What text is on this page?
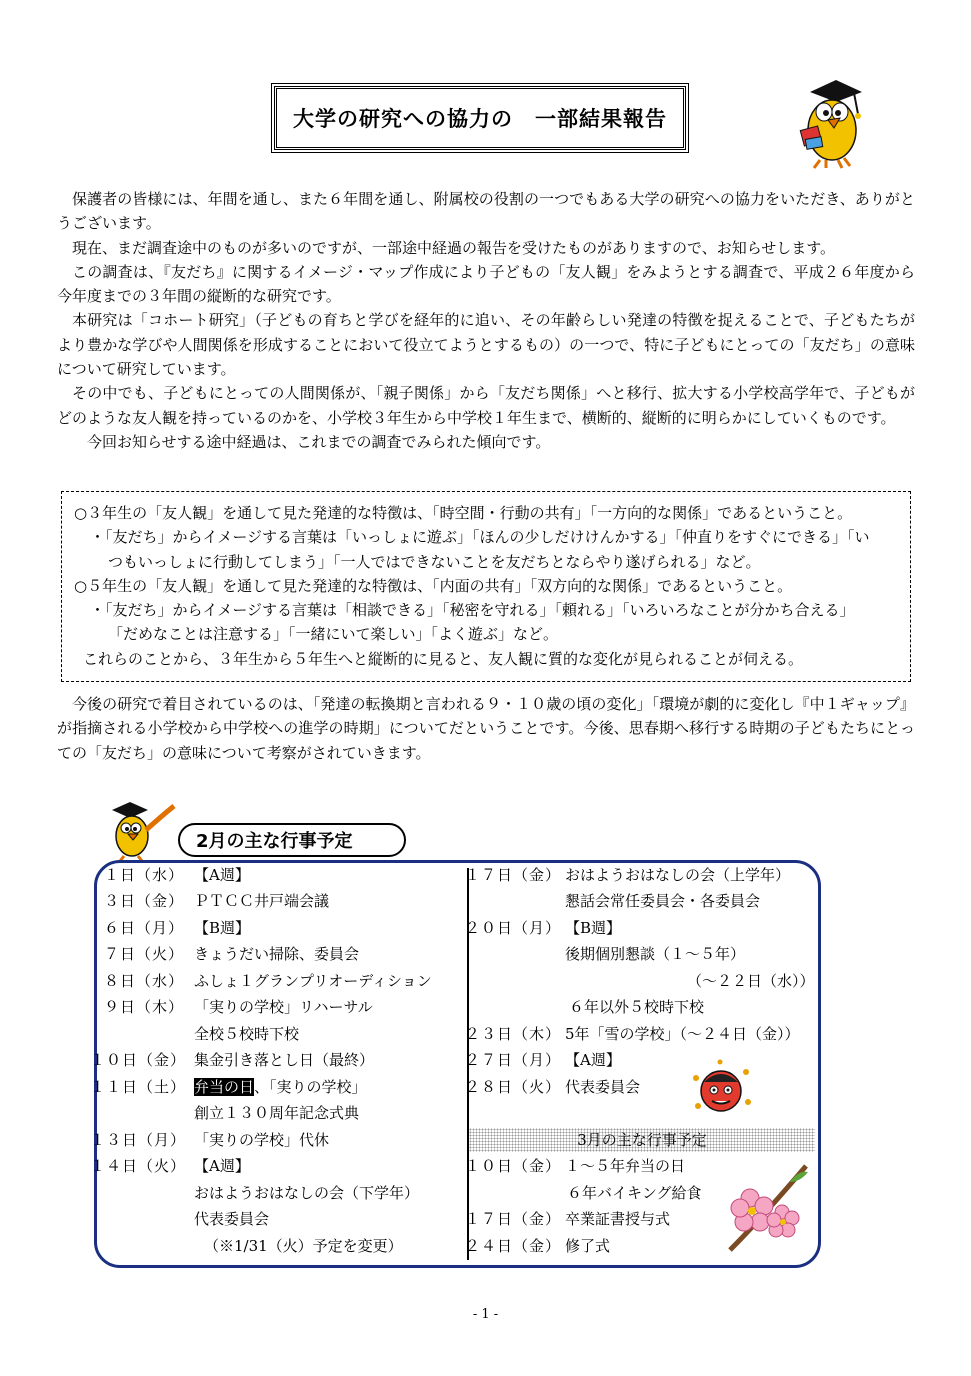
大学の研究への協力の　一部結果報告

保護者の皆様には、年間を通し、また６年間を通し、附属校の役割の一つでもある大学の研究への協力をいただき、ありがとうございます。

現在、まだ調査途中のものが多いのですが、一部途中経過の報告を受けたものがありますので、お知らせします。

この調査は、『友だち』に関するイメージ・マップ作成により子どもの「友人観」をみようとする調査で、平成２６年度から今年度までの３年間の縦断的な研究です。

本研究は「コホート研究」（子どもの育ちと学びを経年的に追い、その年齢らしい発達の特徴を捉えることで、子どもたちがより豊かな学びや人間関係を形成することにおいて役立てようとするもの）の一つで、特に子どもにとっての「友だち」の意味について研究しています。

その中でも、子どもにとっての人間関係が、「親子関係」から「友だち関係」へと移行、拡大する小学校高学年で、子どもがどのような友人観を持っているのかを、小学校３年生から中学校１年生まで、横断的、縦断的に明らかにしていくものです。

今回お知らせする途中経過は、これまでの調査でみられた傾向です。

○３年生の「友人観」を通して見た発達的な特徴は、「時空間・行動の共有」「一方向的な関係」であるということ。
・「友だち」からイメージする言葉は「いっしょに遊ぶ」「ほんの少しだけけんかする」「仲直りをすぐにできる」「い
つもいっしょに行動してしまう」「一人ではできないことを友だちとならやり遂げられる」など。
○５年生の「友人観」を通して見た発達的な特徴は、「内面の共有」「双方向的な関係」であるということ。
・「友だち」からイメージする言葉は「相談できる」「秘密を守れる」「頼れる」「いろいろなことが分かち合える」
「だめなことは注意する」「一緒にいて楽しい」「よく遊ぶ」など。
これらのことから、３年生から５年生へと縦断的に見ると、友人観に質的な変化が見られることが伺える。

今後の研究で着目されているのは、「発達の転換期と言われる９・１０歳の頃の変化」「環境が劇的に変化し『中１ギャップ』が指摘される小学校から中学校への進学の時期」についてだということです。今後、思春期へ移行する時期の子どもたちにとっての「友だち」の意味について考察がされていきます。

2月の主な行事予定
１日（水） 【A週】
３日（金） ＰＴＣＣ井戸端会議
６日（月） 【B週】
７日（火） きょうだい掃除、委員会
８日（水） ふしょ１グランプリオーディション
９日（木） 「実りの学校」リハーサル
全校５校時下校
１０日（金） 集金引き落とし日（最終）
１１日（土） 弁当の日、「実りの学校」
創立１３０周年記念式典
１３日（月） 「実りの学校」代休
１４日（火） 【A週】
おはようおはなしの会（下学年）
代表委員会
（※1/31（火）予定を変更）
１７日（金） おはようおはなしの会（上学年）
懇話会常任委員会・各委員会
２０日（月） 【B週】
後期個別懇談（１～５年）
（～２２日（水））
６年以外５校時下校
２３日（木） 5年「雪の学校」（～２４日（金））
２７日（月） 【A週】
２８日（火） 代表委員会
3月の主な行事予定
１０日（金） １～５年弁当の日
６年バイキング給食
１７日（金） 卒業証書授与式
２４日（金） 修了式
- 1 -
